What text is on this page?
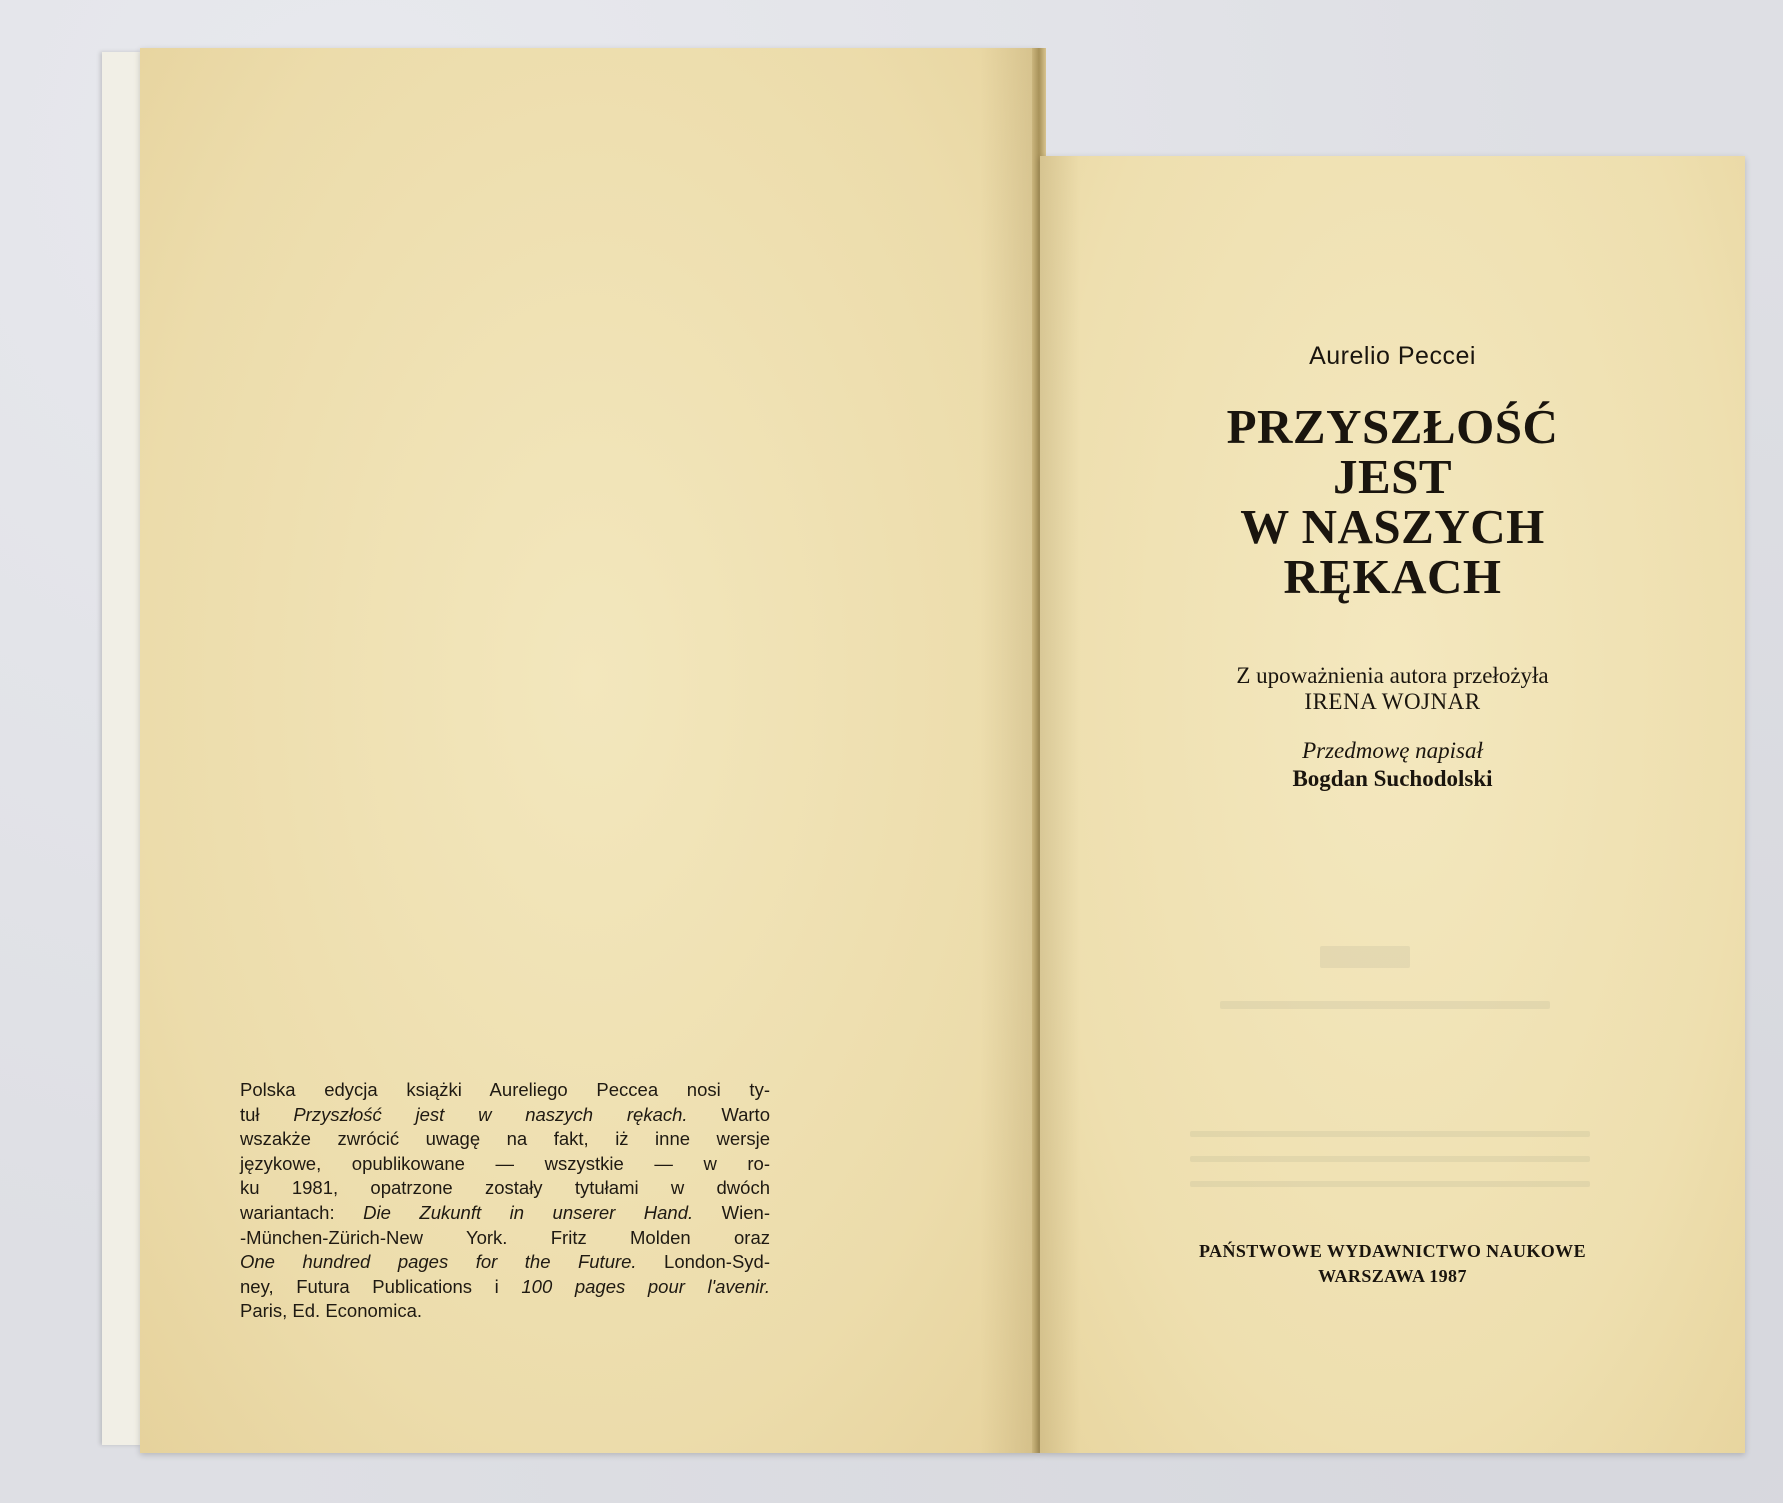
Polska edycja książki Aureliego Peccea nosi ty-
tuł Przyszłość jest w naszych rękach. Warto
wszakże zwrócić uwagę na fakt, iż inne wersje
językowe, opublikowane — wszystkie — w ro-
ku 1981, opatrzone zostały tytułami w dwóch
wariantach: Die Zukunft in unserer Hand. Wien-
-München-Zürich-New York. Fritz Molden oraz
One hundred pages for the Future. London-Syd-
ney, Futura Publications i 100 pages pour l'avenir.
Paris, Ed. Economica.
Aurelio Peccei
PRZYSZŁOŚĆ
JEST
W NASZYCH
RĘKACH
Z upoważnienia autora przełożyła
IRENA WOJNAR
Przedmowę napisał
Bogdan Suchodolski
PAŃSTWOWE WYDAWNICTWO NAUKOWE
WARSZAWA 1987
